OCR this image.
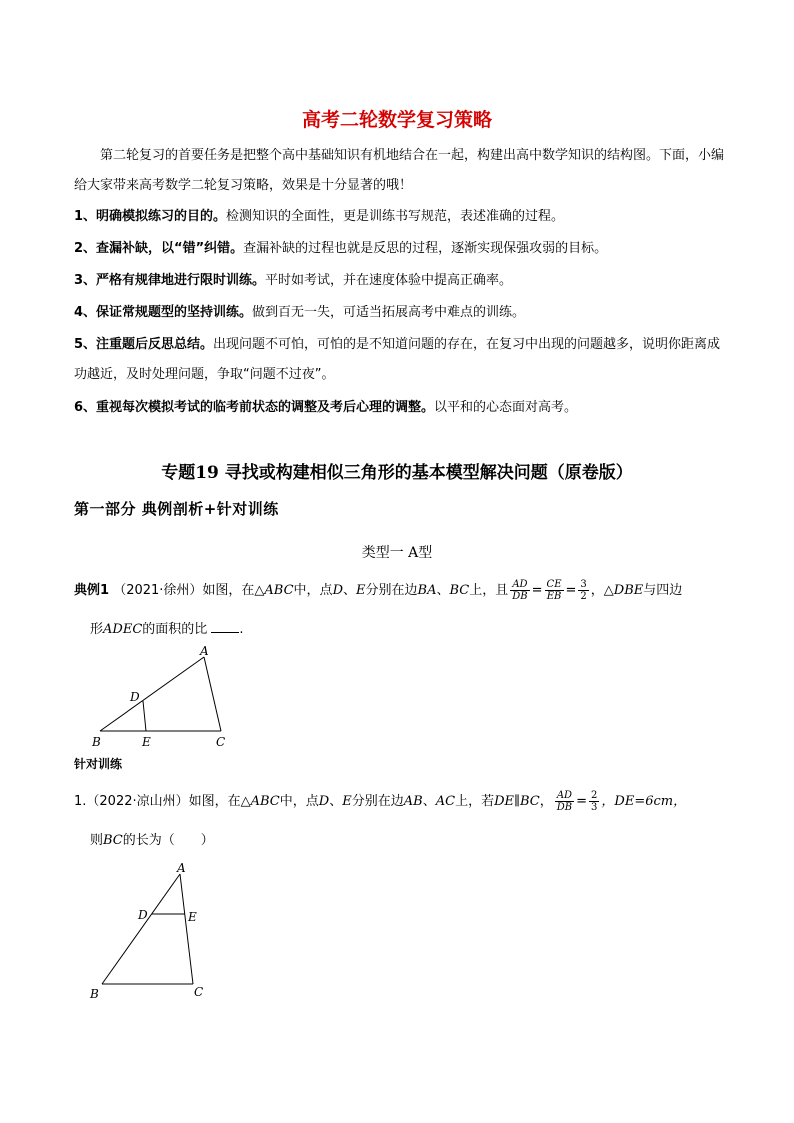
高考二轮数学复习策略
第二轮复习的首要任务是把整个高中基础知识有机地结合在一起，构建出高中数学知识的结构图。下面，小编给大家带来高考数学二轮复习策略，效果是十分显著的哦！
1、明确模拟练习的目的。检测知识的全面性，更是训练书写规范，表述准确的过程。
2、查漏补缺，以“错”纠错。查漏补缺的过程也就是反思的过程，逐渐实现保强攻弱的目标。
3、严格有规律地进行限时训练。平时如考试，并在速度体验中提高正确率。
4、保证常规题型的坚持训练。做到百无一失，可适当拓展高考中难点的训练。
5、注重题后反思总结。出现问题不可怕，可怕的是不知道问题的存在，在复习中出现的问题越多，说明你距离成功越近，及时处理问题，争取“问题不过夜”。
6、重视每次模拟考试的临考前状态的调整及考后心理的调整。以平和的心态面对高考。
专题19 寻找或构建相似三角形的基本模型解决问题（原卷版）
第一部分 典例剖析+针对训练
类型一 A型
典例1 （2021·徐州）如图，在△ABC中，点D、E分别在边BA、BC上，且 $\frac{AD}{DB} = \frac{CE}{EB} = \frac{3}{2}$ ，△DBE与四边
形ADEC的面积的比 .
A
B	C
D
E
针对训练
1.（2022·凉山州）如图，在△ABC中，点D、E分别在边AB、AC上，若DE∥BC， $\frac{AD}{DB} = \frac{2}{3}$ ，DE=6cm，
则BC的长为（　　）
A
B	C
D	E
